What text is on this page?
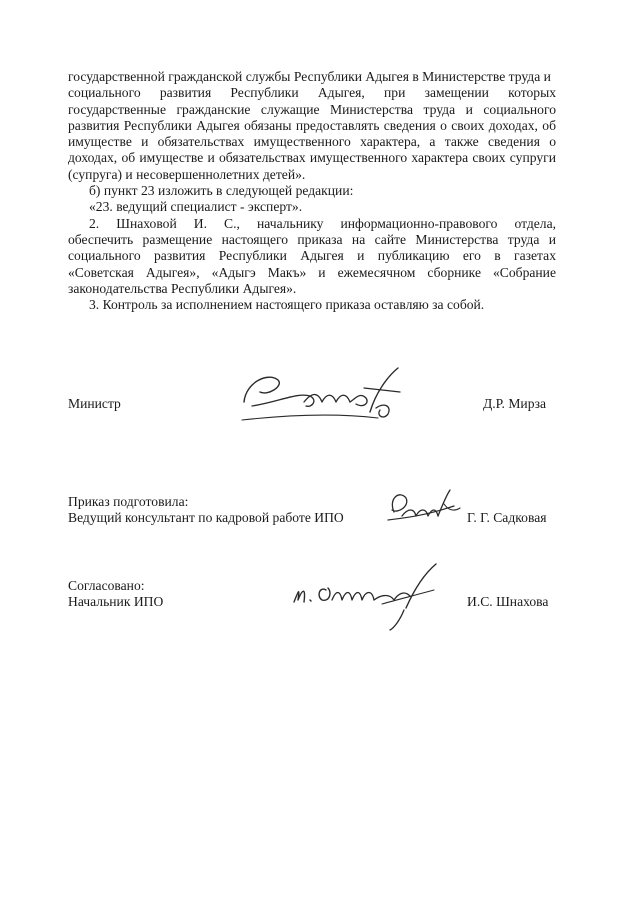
государственной гражданской службы Республики Адыгея в Министерстве труда и
социального развития Республики Адыгея, при замещении которых
государственные гражданские служащие Министерства труда и социального
развития Республики Адыгея обязаны предоставлять сведения о своих доходах, об
имуществе и обязательствах имущественного характера, а также сведения о
доходах, об имуществе и обязательствах имущественного характера своих супруги
(супруга) и несовершеннолетних детей».

б) пункт 23 изложить в следующей редакции:

«23. ведущий специалист - эксперт».

2. Шнаховой И. С., начальнику информационно-правового отдела,
обеспечить размещение настоящего приказа на сайте Министерства труда и
социального развития Республики Адыгея и публикацию его в газетах
«Советская Адыгея», «Адыгэ Макъ» и ежемесячном сборнике «Собрание
законодательства Республики Адыгея».

3. Контроль за исполнением настоящего приказа оставляю за собой.

Министр	Д.Р. Мирза
Приказ подготовила:
Ведущий консультант по кадровой работе ИПО	Г. Г. Садковая
Согласовано:
Начальник ИПО	И.С. Шнахова
